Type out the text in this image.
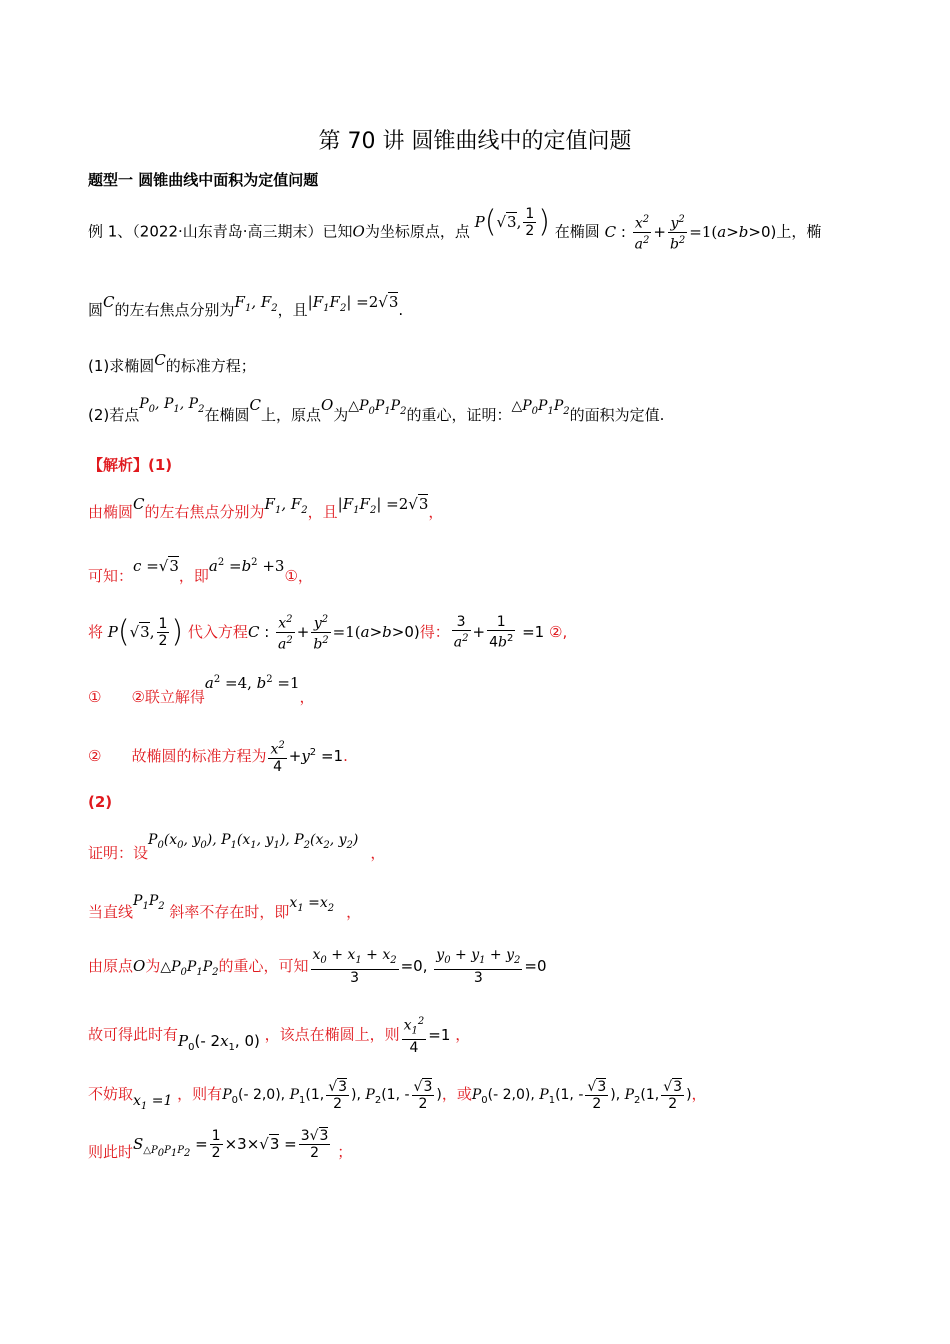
第 70 讲 圆锥曲线中的定值问题
题型一 圆锥曲线中面积为定值问题
例 1、（2022·山东青岛·高三期末）已知O为坐标原点，点 P(√3, $\frac{1}{2}$ ) 在椭圆 C : $\frac{x^2}{a^2} + \frac{y^2}{b^2} =1(a>b>0)$上，椭
圆C的左右焦点分别为$F_1$, $F_2$，且$|F_1F_2| =2√3$.
(1)求椭圆C的标准方程；
(2)若点$P_0$, $P_1$, $P_2$在椭圆C上，原点O为$\triangle P_0P_1P_2$的重心，证明：$\triangle P_0P_1P_2$的面积为定值.
【解析】(1)
由椭圆C的左右焦点分别为$F_1$, $F_2$，且$|F_1F_2| =2√3$，
可知：c =√3，即$a^2 =b^2$ +3①，
将 P(√3, $\frac{1}{2}$ ) 代入方程C : $\frac{x^2}{a^2} + \frac{y^2}{b^2} =1(a>b>0)$得： $\frac{3}{a^2} + \frac{1}{4b^2} =1$ ②,
①　　②联立解得$a^2 =4$, $b^2 =1$，
②　　故椭圆的标准方程为 $\frac{x^2}{4} +y^2 =1$.
(2)
证明：设$P_0(x_0$, $y_0$), $P_1(x_1$, $y_1$), $P_2(x_2$, $y_2$)，
当直线$P_1P_2$ 斜率不存在时，即$x_1 =x_2$ ，
由原点O为$\triangle P_0P_1P_2$的重心，可知 $\frac{x_0 + x_1 + x_2}{3} =0$, $\frac{y_0 + y_1 + y_2}{3} =0$
故可得此时有$P_0(-$ $2x_1$, 0) ，该点在椭圆上，则 $\frac{x_1^2}{4} =1$ ，
不妨取$x_1 =1$ ，则有$P_0(-$ 2,0), $P_1(1$, $\frac{√3}{2}$ ), $P_2(1$, - $\frac{√3}{2}$ )，或$P_0(-$ 2,0), $P_1(1$, - $\frac{√3}{2}$ ), $P_2(1$, $\frac{√3}{2}$ )，
则此时$S_{\triangle P_0P_1P_2} = \frac{1}{2} \times 3\times√3 = \frac{3√3}{2}$ ；
